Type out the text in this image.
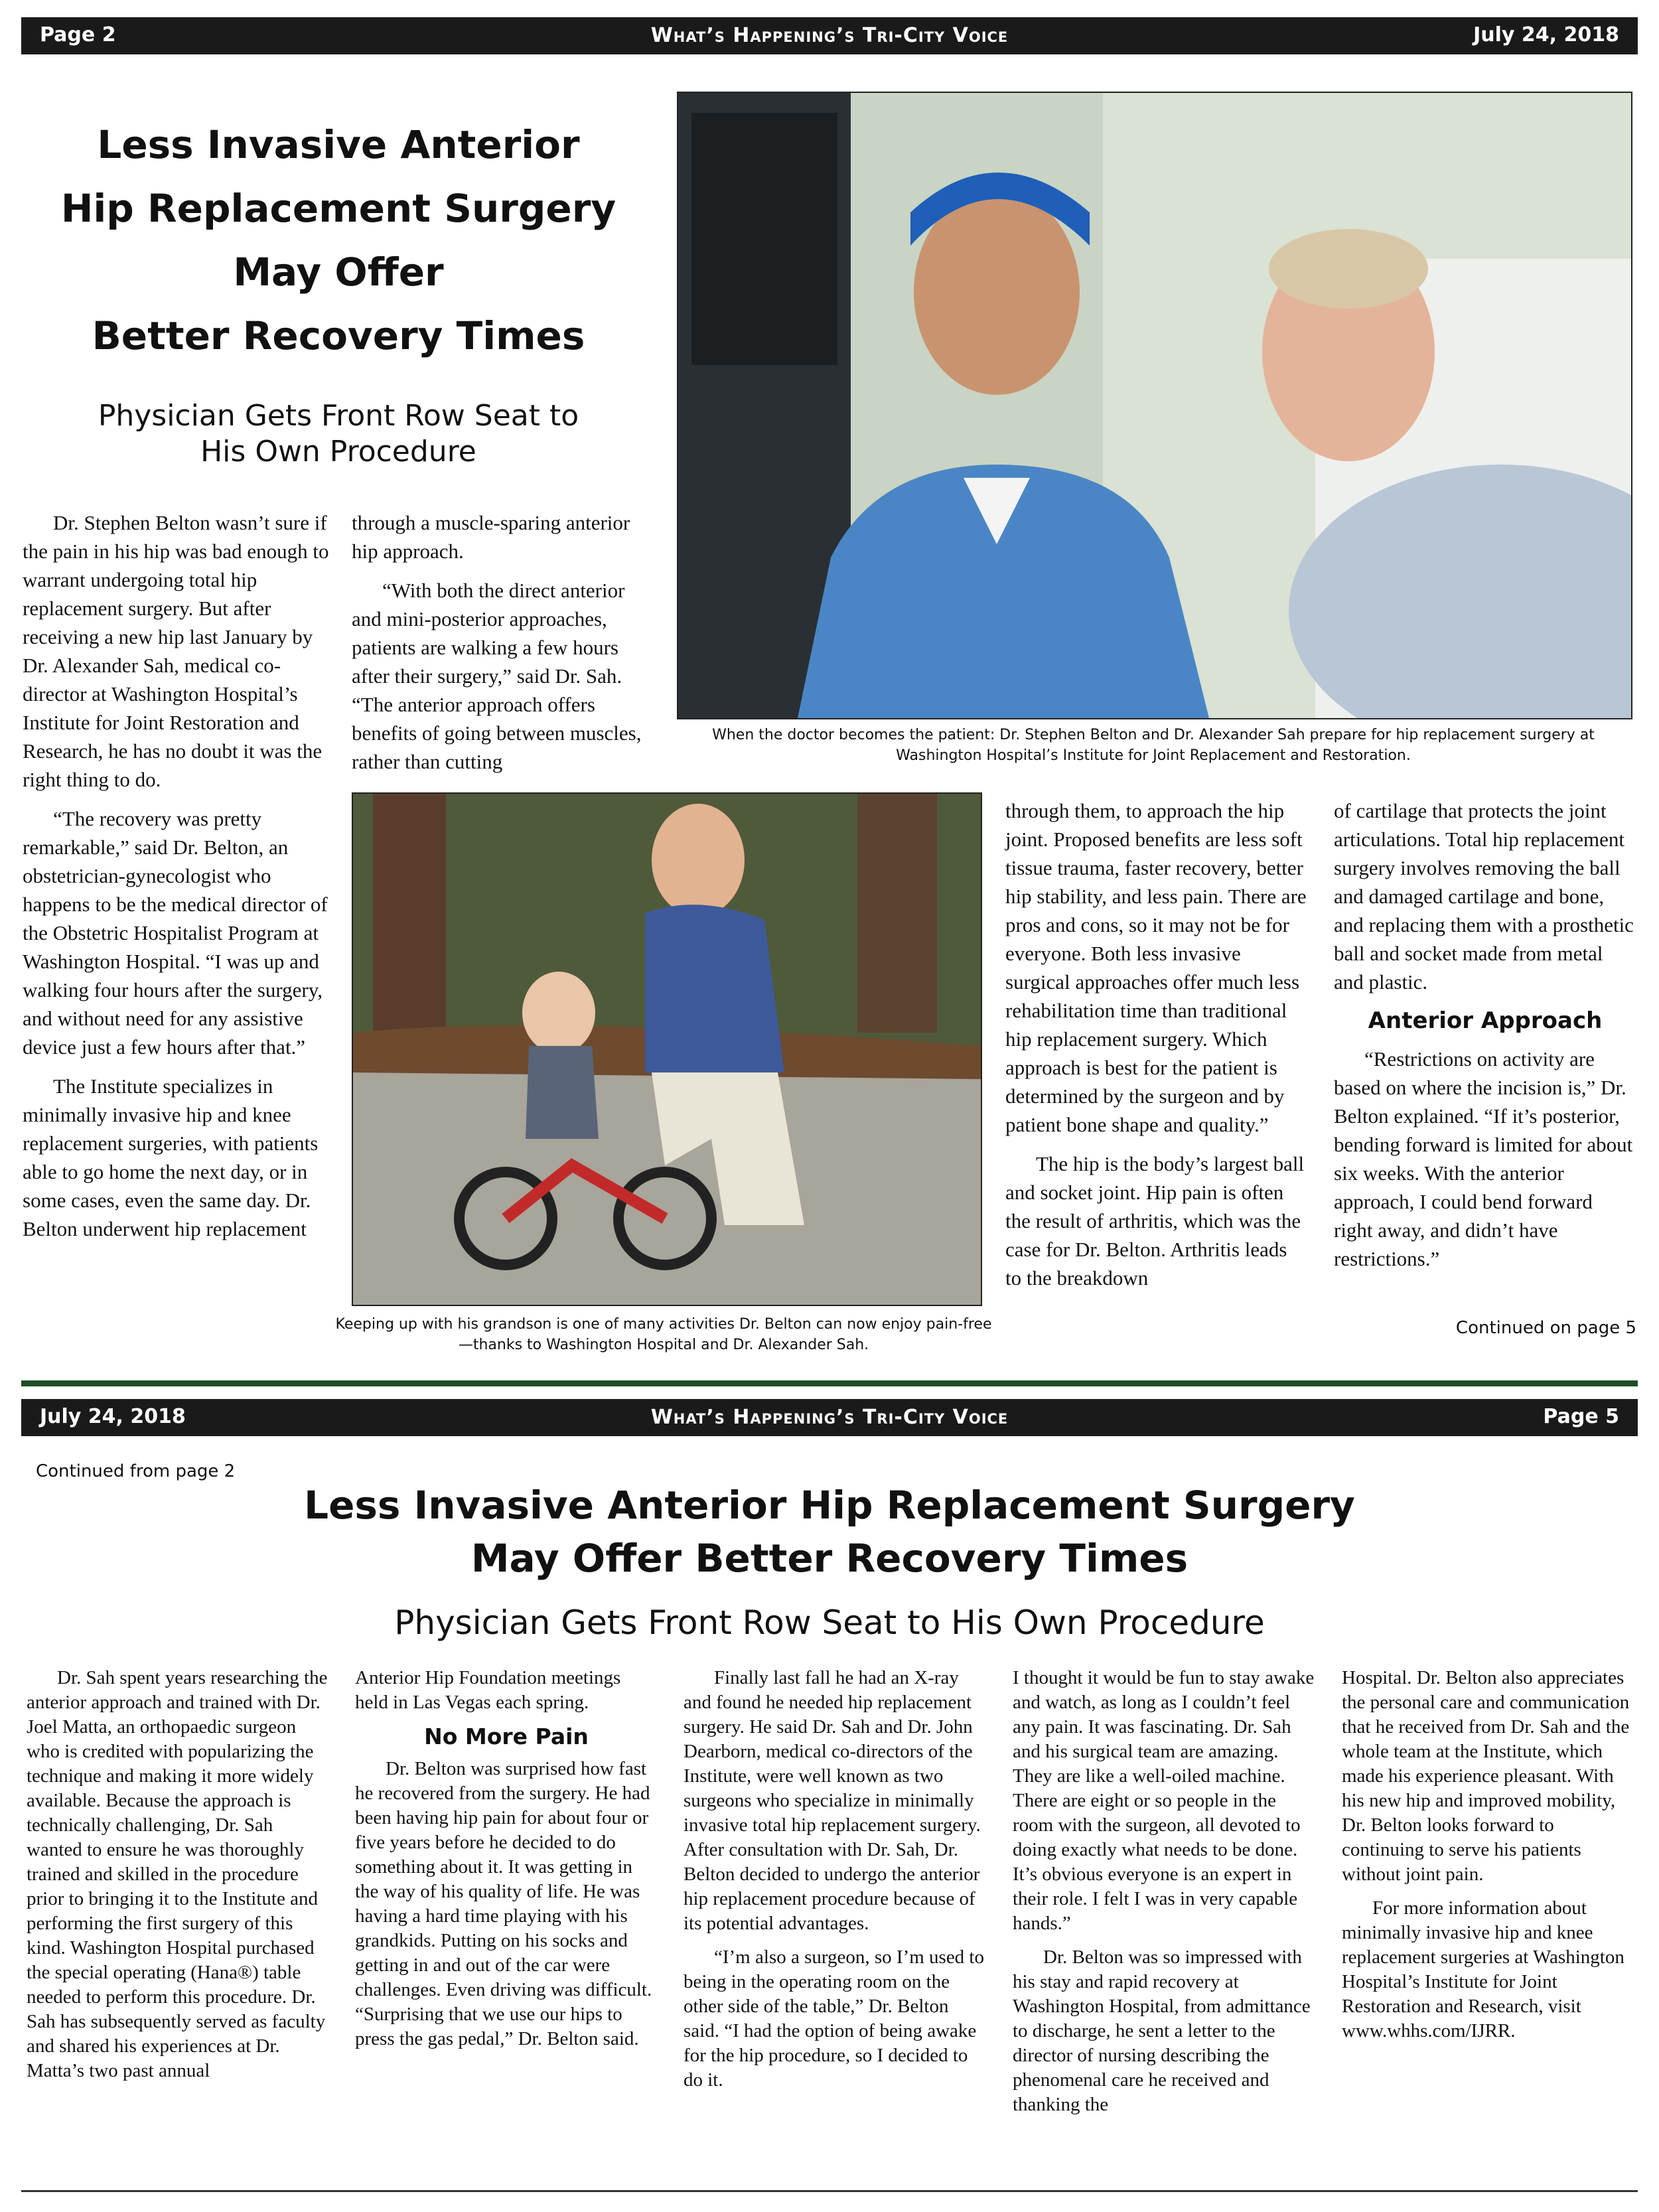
Page 2	What’s Happening’s Tri-City Voice	July 24, 2018
Less Invasive Anterior
Hip Replacement Surgery
May Offer
Better Recovery Times
Physician Gets Front Row Seat to
His Own Procedure
When the doctor becomes the patient: Dr. Stephen Belton and Dr. Alexander Sah prepare for hip replacement surgery at Washington Hospital’s Institute for Joint Replacement and Restoration.
Keeping up with his grandson is one of many activities Dr. Belton can now enjoy pain-free—thanks to Washington Hospital and Dr. Alexander Sah.

Dr. Stephen Belton wasn’t sure if the pain in his hip was bad enough to warrant undergoing total hip replacement surgery. But after receiving a new hip last January by Dr. Alexander Sah, medical co-director at Washington Hospital’s Institute for Joint Restoration and Research, he has no doubt it was the right thing to do.

“The recovery was pretty remarkable,” said Dr. Belton, an obstetrician-gynecologist who happens to be the medical director of the Obstetric Hospitalist Program at Washington Hospital. “I was up and walking four hours after the surgery, and without need for any assistive device just a few hours after that.”

The Institute specializes in minimally invasive hip and knee replacement surgeries, with patients able to go home the next day, or in some cases, even the same day. Dr. Belton underwent hip replacement

through a muscle-sparing anterior hip approach.

“With both the direct anterior and mini-posterior approaches, patients are walking a few hours after their surgery,” said Dr. Sah. “The anterior approach offers benefits of going between muscles, rather than cutting

through them, to approach the hip joint. Proposed benefits are less soft tissue trauma, faster recovery, better hip stability, and less pain. There are pros and cons, so it may not be for everyone. Both less invasive surgical approaches offer much less rehabilitation time than traditional hip replacement surgery. Which approach is best for the patient is determined by the surgeon and by patient bone shape and quality.”

The hip is the body’s largest ball and socket joint. Hip pain is often the result of arthritis, which was the case for Dr. Belton. Arthritis leads to the breakdown

of cartilage that protects the joint articulations. Total hip replacement surgery involves removing the ball and damaged cartilage and bone, and replacing them with a prosthetic ball and socket made from metal and plastic.

Anterior Approach

“Restrictions on activity are based on where the incision is,” Dr. Belton explained. “If it’s posterior, bending forward is limited for about six weeks. With the anterior approach, I could bend forward right away, and didn’t have restrictions.”

Continued on page 5
July 24, 2018	What’s Happening’s Tri-City Voice	Page 5
Continued from page 2
Less Invasive Anterior Hip Replacement Surgery
May Offer Better Recovery Times
Physician Gets Front Row Seat to His Own Procedure

Dr. Sah spent years researching the anterior approach and trained with Dr. Joel Matta, an orthopaedic surgeon who is credited with popularizing the technique and making it more widely available. Because the approach is technically challenging, Dr. Sah wanted to ensure he was thoroughly trained and skilled in the procedure prior to bringing it to the Institute and performing the first surgery of this kind. Washington Hospital purchased the special operating (Hana®) table needed to perform this procedure. Dr. Sah has subsequently served as faculty and shared his experiences at Dr. Matta’s two past annual

Anterior Hip Foundation meetings held in Las Vegas each spring.

No More Pain

Dr. Belton was surprised how fast he recovered from the surgery. He had been having hip pain for about four or five years before he decided to do something about it. It was getting in the way of his quality of life. He was having a hard time playing with his grandkids. Putting on his socks and getting in and out of the car were challenges. Even driving was difficult. “Surprising that we use our hips to press the gas pedal,” Dr. Belton said.

Finally last fall he had an X-ray and found he needed hip replacement surgery. He said Dr. Sah and Dr. John Dearborn, medical co-directors of the Institute, were well known as two surgeons who specialize in minimally invasive total hip replacement surgery. After consultation with Dr. Sah, Dr. Belton decided to undergo the anterior hip replacement procedure because of its potential advantages.

“I’m also a surgeon, so I’m used to being in the operating room on the other side of the table,” Dr. Belton said. “I had the option of being awake for the hip procedure, so I decided to do it.

I thought it would be fun to stay awake and watch, as long as I couldn’t feel any pain. It was fascinating. Dr. Sah and his surgical team are amazing. They are like a well-oiled machine. There are eight or so people in the room with the surgeon, all devoted to doing exactly what needs to be done. It’s obvious everyone is an expert in their role. I felt I was in very capable hands.”

Dr. Belton was so impressed with his stay and rapid recovery at Washington Hospital, from admittance to discharge, he sent a letter to the director of nursing describing the phenomenal care he received and thanking the

Hospital. Dr. Belton also appreciates the personal care and communication that he received from Dr. Sah and the whole team at the Institute, which made his experience pleasant. With his new hip and improved mobility, Dr. Belton looks forward to continuing to serve his patients without joint pain.

For more information about minimally invasive hip and knee replacement surgeries at Washington Hospital’s Institute for Joint Restoration and Research, visit www.whhs.com/IJRR.
